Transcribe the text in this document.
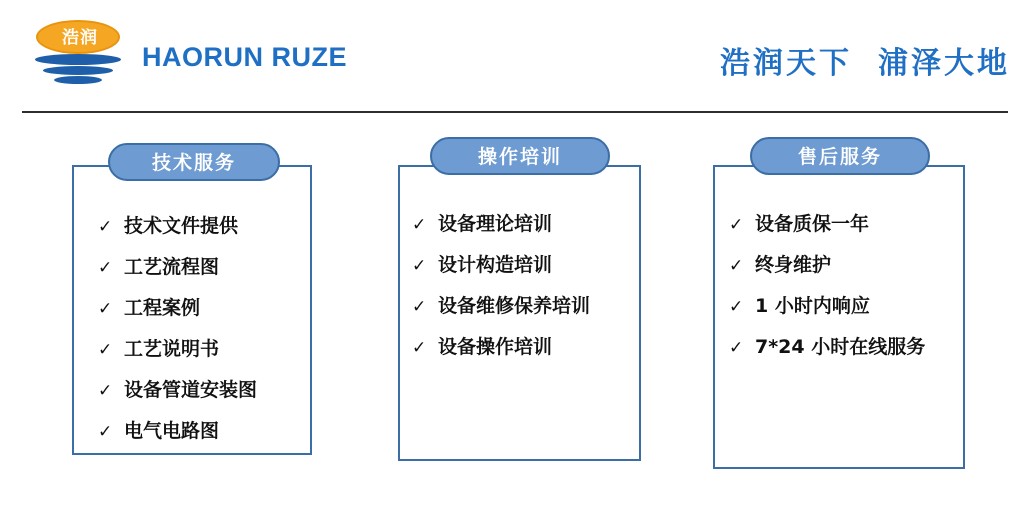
浩润
HAORUN RUZE	浩润天下 浦泽大地
✓ 技术文件提供
✓ 工艺流程图
✓ 工程案例
✓ 工艺说明书
✓ 设备管道安装图
✓ 电气电路图
技术服务
✓ 设备理论培训
✓ 设计构造培训
✓ 设备维修保养培训
✓ 设备操作培训
操作培训
✓ 设备质保一年
✓ 终身维护
✓ 1 小时内响应
✓ 7*24 小时在线服务
售后服务
